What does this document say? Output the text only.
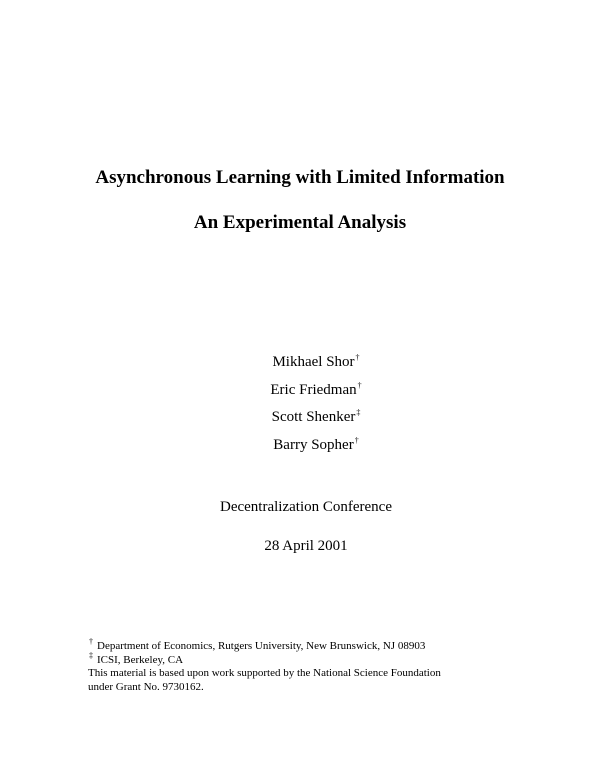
Asynchronous Learning with Limited Information
An Experimental Analysis
Mikhael Shor†
Eric Friedman†
Scott Shenker‡
Barry Sopher†
Decentralization Conference
28 April 2001
† Department of Economics, Rutgers University, New Brunswick, NJ 08903
‡ ICSI, Berkeley, CA
This material is based upon work supported by the National Science Foundation
under Grant No. 9730162.
